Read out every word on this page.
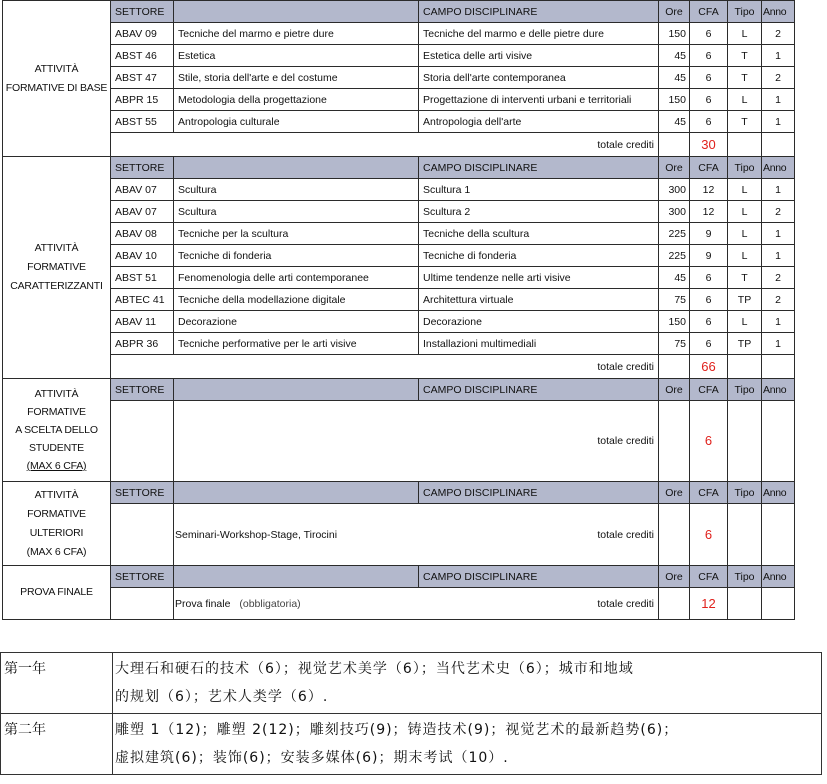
ATTIVITÀ FORMATIVE DI BASE	SETTORE		CAMPO DISCIPLINARE	Ore	CFA	Tipo	Anno
	ABAV 09	Tecniche del marmo e pietre dure	Tecniche del marmo e delle pietre dure	150	6	L	2
	ABST 46	Estetica	Estetica delle arti visive	45	6	T	1
	ABST 47	Stile, storia dell'arte e del costume	Storia dell'arte contemporanea	45	6	T	2
	ABPR 15	Metodologia della progettazione	Progettazione di interventi urbani e territoriali	150	6	L	1
	ABST 55	Antropologia culturale	Antropologia dell'arte	45	6	T	1
	totale crediti				30		
ATTIVITÀ FORMATIVE CARATTERIZZANTI	SETTORE		CAMPO DISCIPLINARE	Ore	CFA	Tipo	Anno
	ABAV 07	Scultura	Scultura 1	300	12	L	1
	ABAV 07	Scultura	Scultura 2	300	12	L	2
	ABAV 08	Tecniche per la scultura	Tecniche della scultura	225	9	L	1
	ABAV 10	Tecniche di fonderia	Tecniche di fonderia	225	9	L	1
	ABST 51	Fenomenologia delle arti contemporanee	Ultime tendenze nelle arti visive	45	6	T	2
	ABTEC 41	Tecniche della modellazione digitale	Architettura virtuale	75	6	TP	2
	ABAV 11	Decorazione	Decorazione	150	6	L	1
	ABPR 36	Tecniche performative per le arti visive	Installazioni multimediali	75	6	TP	1
	totale crediti				66		
ATTIVITÀ
FORMATIVE
A SCELTA DELLO
STUDENTE
(MAX 6 CFA)	SETTORE		CAMPO DISCIPLINARE	Ore	CFA	Tipo	Anno
			totale crediti		6		
ATTIVITÀ
FORMATIVE
ULTERIORI
(MAX 6 CFA)	SETTORE		CAMPO DISCIPLINARE	Ore	CFA	Tipo	Anno
		Seminari-Workshop-Stage, Tirocini	totale crediti		6		
PROVA FINALE	SETTORE		CAMPO DISCIPLINARE	Ore	CFA	Tipo	Anno
		Prova finale (obbligatoria)	totale crediti		12		
第一年	大理石和硬石的技术（6）；视觉艺术美学（6）；当代艺术史（6）；城市和地域
的规划（6）；艺术人类学（6）.

第二年	雕塑 1（12)；雕塑 2(12)；雕刻技巧(9)；铸造技术(9)；视觉艺术的最新趋势(6)；
虚拟建筑(6)；装饰(6)；安装多媒体(6)；期末考试（10）.
